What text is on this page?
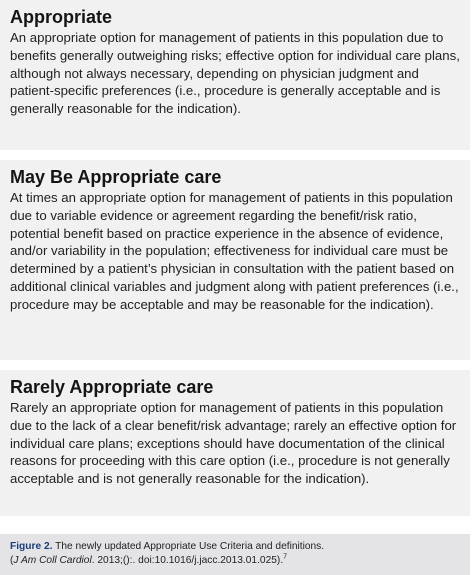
Appropriate

An appropriate option for management of patients in this population due to benefits generally outweighing risks; effective option for individual care plans, although not always necessary, depending on physician judgment and patient-specific preferences (i.e., procedure is generally acceptable and is generally reasonable for the indication).

May Be Appropriate care

At times an appropriate option for management of patients in this population due to variable evidence or agreement regarding the benefit/risk ratio, potential benefit based on practice experience in the absence of evidence, and/or variability in the population; effectiveness for individual care must be determined by a patient’s physician in consultation with the patient based on additional clinical variables and judgment along with patient preferences (i.e., procedure may be acceptable and may be reasonable for the indication).

Rarely Appropriate care

Rarely an appropriate option for management of patients in this population due to the lack of a clear benefit/risk advantage; rarely an effective option for individual care plans; exceptions should have documentation of the clinical reasons for proceeding with this care option (i.e., procedure is not generally acceptable and is not generally reasonable for the indication).

Figure 2. The newly updated Appropriate Use Criteria and definitions.
(J Am Coll Cardiol. 2013;():. doi:10.1016/j.jacc.2013.01.025).$^7$
